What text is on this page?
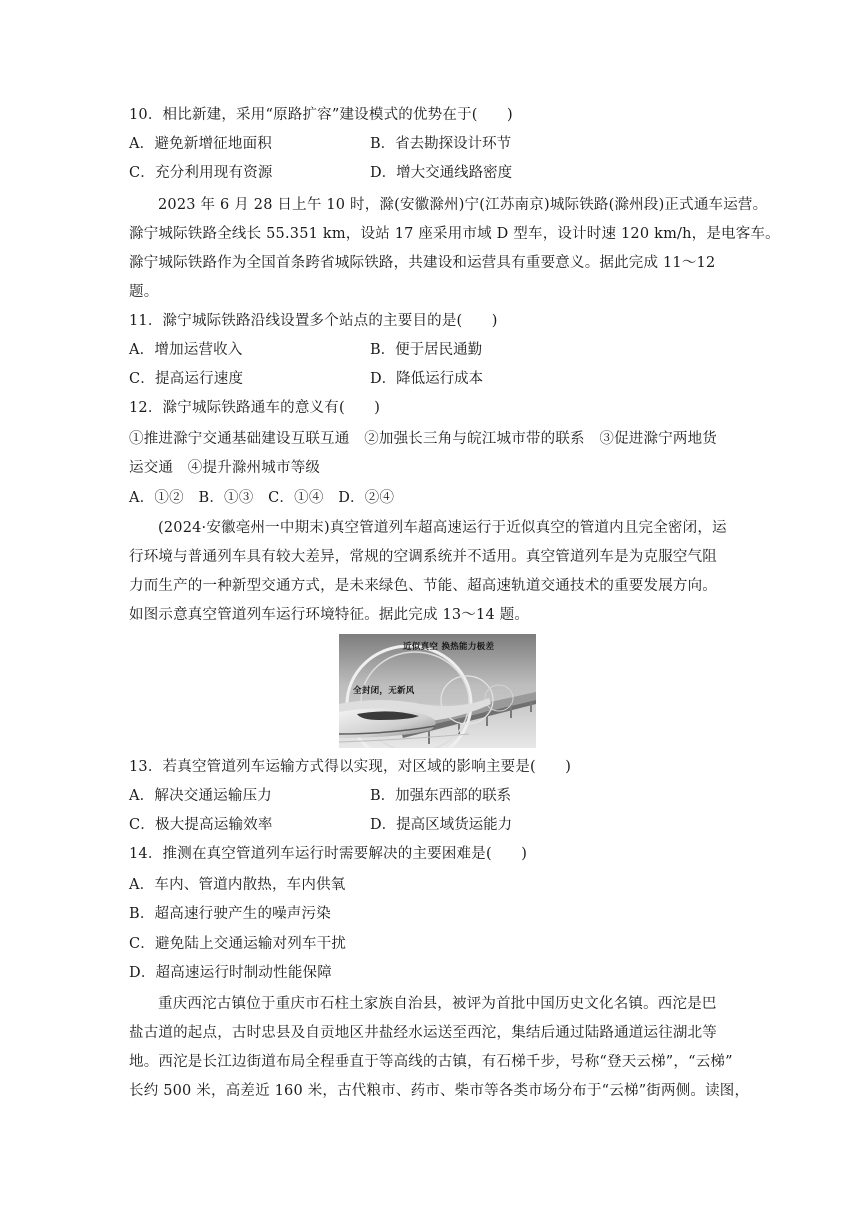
10．相比新建，采用“原路扩容”建设模式的优势在于(　　)
A．避免新增征地面积	B．省去勘探设计环节
C．充分利用现有资源	D．增大交通线路密度
2023 年 6 月 28 日上午 10 时，滁(安徽滁州)宁(江苏南京)城际铁路(滁州段)正式通车运营。
滁宁城际铁路全线长 55.351 km，设站 17 座采用市域 D 型车，设计时速 120 km/h，是电客车。
滁宁城际铁路作为全国首条跨省城际铁路，共建设和运营具有重要意义。据此完成 11～12
题。
11．滁宁城际铁路沿线设置多个站点的主要目的是(　　)
A．增加运营收入	B．便于居民通勤
C．提高运行速度	D．降低运行成本
12．滁宁城际铁路通车的意义有(　　)
①推进滁宁交通基础建设互联互通　②加强长三角与皖江城市带的联系　③促进滁宁两地货
运交通　④提升滁州城市等级
A．①②　B．①③　C．①④　D．②④
(2024·安徽亳州一中期末)真空管道列车超高速运行于近似真空的管道内且完全密闭，运
行环境与普通列车具有较大差异，常规的空调系统并不适用。真空管道列车是为克服空气阻
力而生产的一种新型交通方式，是未来绿色、节能、超高速轨道交通技术的重要发展方向。
如图示意真空管道列车运行环境特征。据此完成 13～14 题。
近似真空 换热能力极差
全封闭，无新风
13．若真空管道列车运输方式得以实现，对区域的影响主要是(　　)
A．解决交通运输压力	B．加强东西部的联系
C．极大提高运输效率	D．提高区域货运能力
14．推测在真空管道列车运行时需要解决的主要困难是(　　)
A．车内、管道内散热，车内供氧
B．超高速行驶产生的噪声污染
C．避免陆上交通运输对列车干扰
D．超高速运行时制动性能保障
重庆西沱古镇位于重庆市石柱土家族自治县，被评为首批中国历史文化名镇。西沱是巴
盐古道的起点，古时忠县及自贡地区井盐经水运送至西沱，集结后通过陆路通道运往湖北等
地。西沱是长江边街道布局全程垂直于等高线的古镇，有石梯千步，号称“登天云梯”，“云梯”
长约 500 米，高差近 160 米，古代粮市、药市、柴市等各类市场分布于“云梯”街两侧。读图，
